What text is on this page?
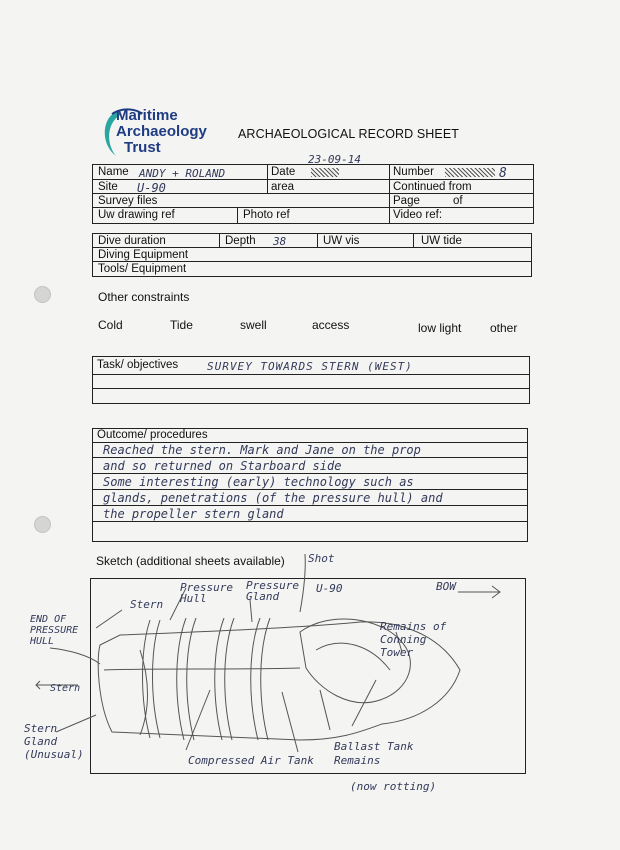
Maritime
Archaeology
Trust
ARCHAEOLOGICAL RECORD SHEET
23-09-14
Name ANDY + ROLAND	Date	Number	8
Site U-90	area	Continued from
Survey files	Page	of
Uw drawing ref	Photo ref	Video ref:
Dive duration	Depth 38	UW vis	UW tide
Diving Equipment
Tools/ Equipment
Other constraints
Cold	Tide	swell	access	low light other
Task/ objectives	SURVEY TOWARDS STERN (WEST)
Outcome/ procedures
Reached the stern. Mark and Jane on the prop
and so returned on Starboard side
Some interesting (early) technology such as
glands, penetrations (of the pressure hull) and
the propeller stern gland
Sketch (additional sheets available) Shot
U-90	BOW
Stern
Pressure Hull
Pressure Gland
END OF PRESSURE HULL
Stern
Stern Gland (Unusual)
Remains of Conning Tower
Ballast Tank Remains
(now rotting)
Compressed Air Tank
